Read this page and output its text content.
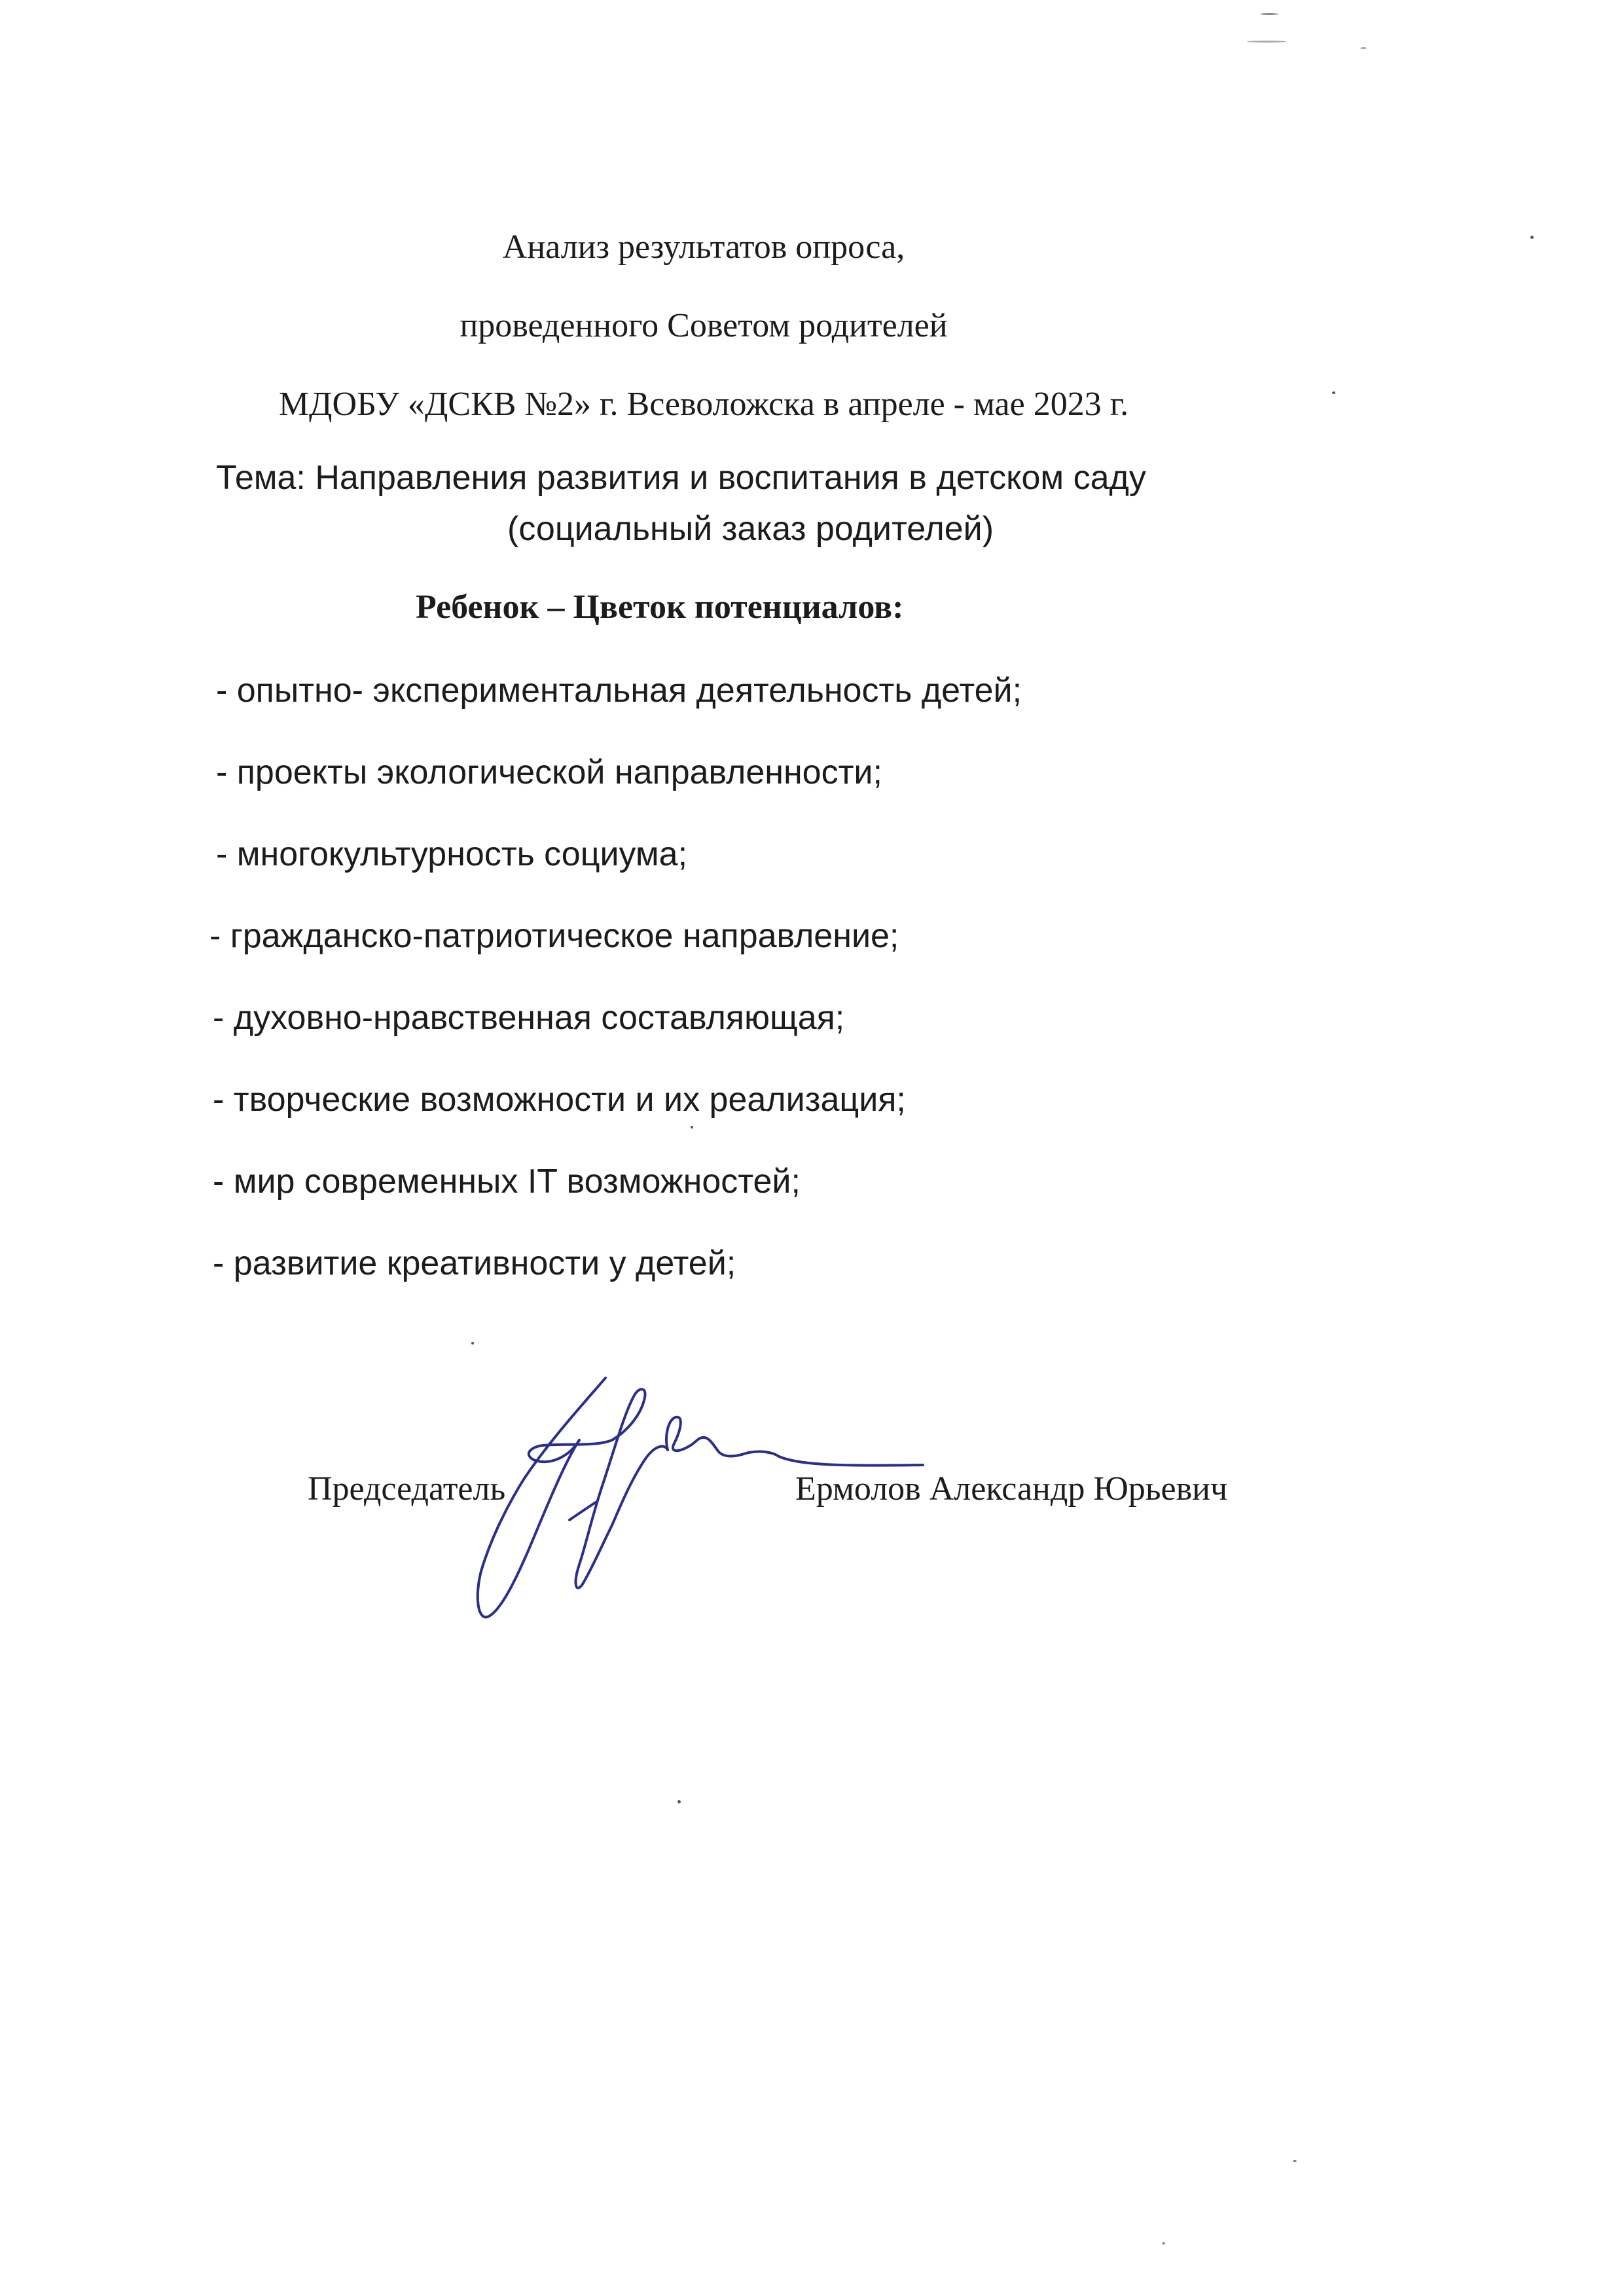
Анализ результатов опроса,
проведенного Советом родителей
МДОБУ «ДСКВ №2» г. Всеволожска в апреле - мае 2023 г.
Тема: Направления развития и воспитания в детском саду
(социальный заказ родителей)
Ребенок – Цветок потенциалов:
- опытно- экспериментальная деятельность детей;
- проекты экологической направленности;
- многокультурность социума;
- гражданско-патриотическое направление;
- духовно-нравственная составляющая;
- творческие возможности и их реализация;
- мир современных IT возможностей;
- развитие креативности у детей;
Председатель	Ермолов Александр Юрьевич
